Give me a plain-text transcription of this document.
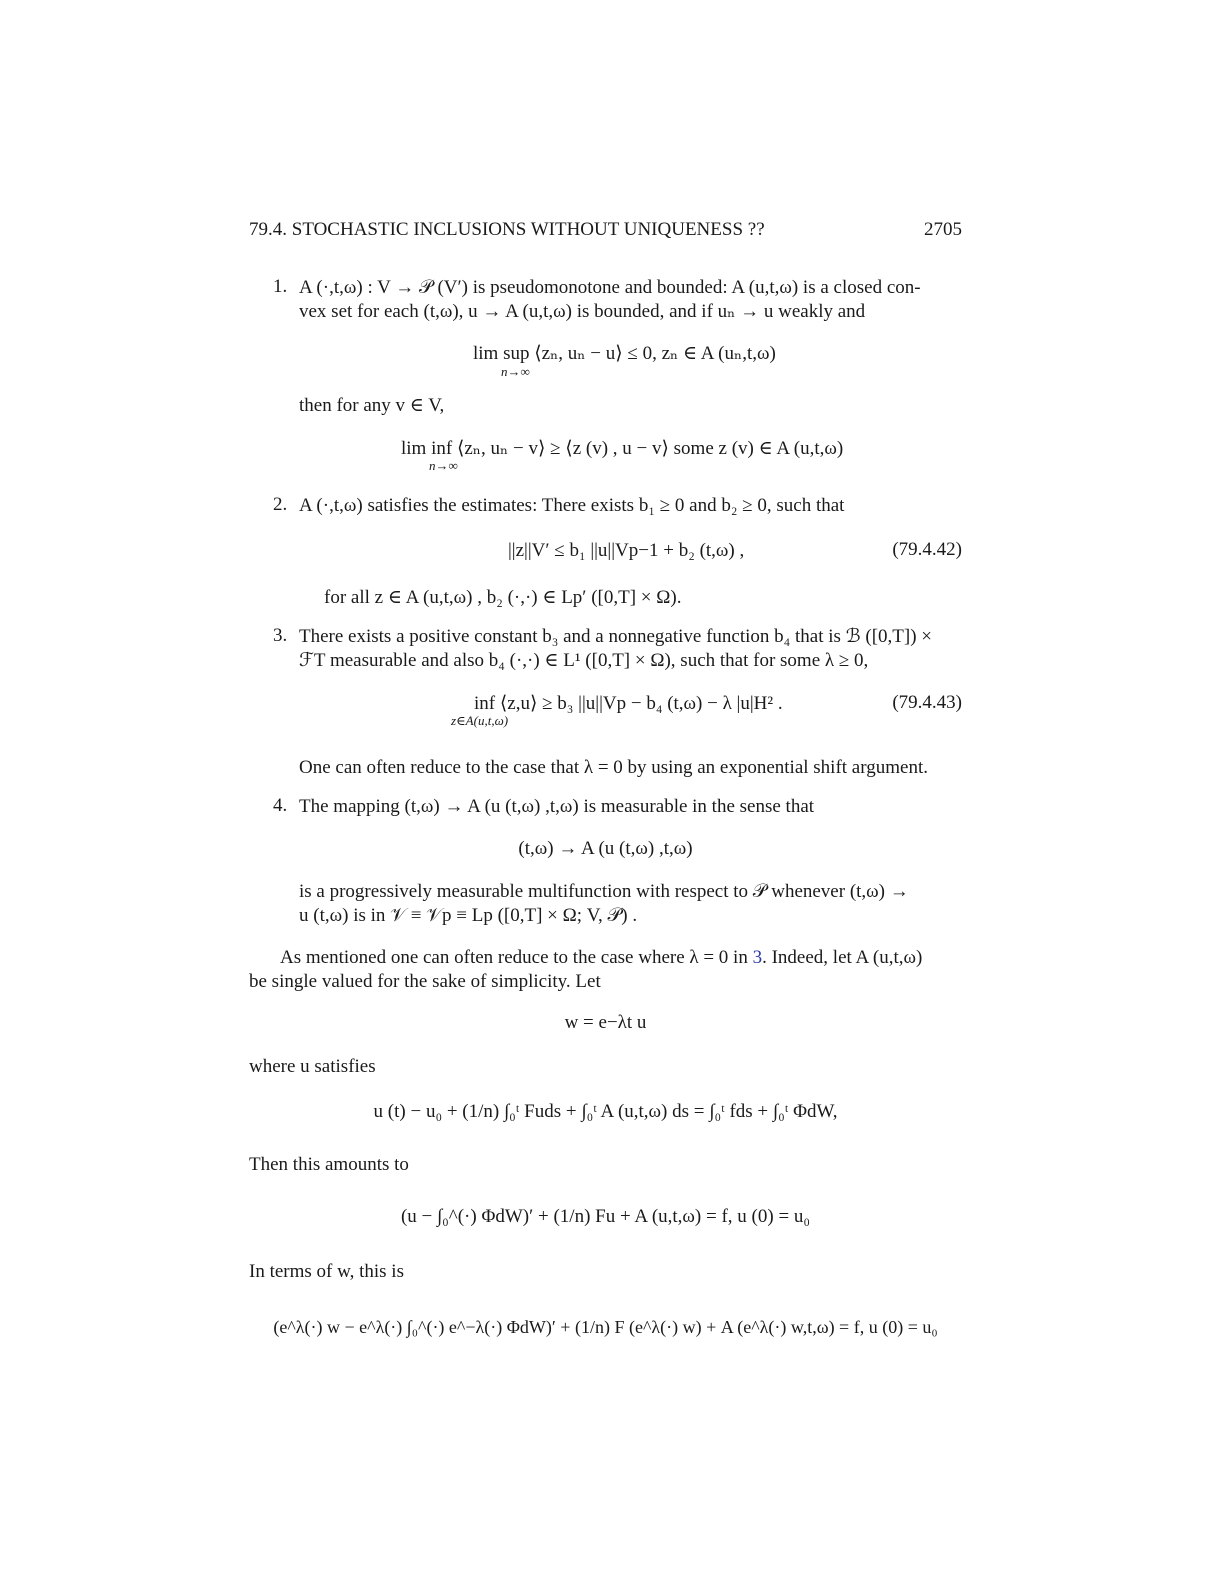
79.4. STOCHASTIC INCLUSIONS WITHOUT UNIQUENESS ??	2705
1. A (·,t,ω) : V → 𝒫 (V′) is pseudomonotone and bounded: A (u,t,ω) is a closed con-
vex set for each (t,ω), u → A (u,t,ω) is bounded, and if uₙ → u weakly and
lim sup ⟨zₙ, uₙ − u⟩ ≤ 0, zₙ ∈ A (uₙ,t,ω)
n→∞
then for any v ∈ V,
lim inf ⟨zₙ, uₙ − v⟩ ≥ ⟨z (v) , u − v⟩ some z (v) ∈ A (u,t,ω)
n→∞
2. A (·,t,ω) satisfies the estimates: There exists b₁ ≥ 0 and b₂ ≥ 0, such that
||z||V′ ≤ b₁ ||u||Vp−1 + b₂ (t,ω) ,	(79.4.42)
for all z ∈ A (u,t,ω) , b₂ (·,·) ∈ Lp′ ([0,T] × Ω).
3. There exists a positive constant b₃ and a nonnegative function b₄ that is ℬ ([0,T]) ×
ℱT measurable and also b₄ (·,·) ∈ L¹ ([0,T] × Ω), such that for some λ ≥ 0,
inf ⟨z,u⟩ ≥ b₃ ||u||Vp − b₄ (t,ω) − λ |u|H² .
z∈A(u,t,ω)
(79.4.43)
One can often reduce to the case that λ = 0 by using an exponential shift argument.
4. The mapping (t,ω) → A (u (t,ω) ,t,ω) is measurable in the sense that
(t,ω) → A (u (t,ω) ,t,ω)
is a progressively measurable multifunction with respect to 𝒫 whenever (t,ω) →
u (t,ω) is in 𝒱 ≡ 𝒱p ≡ Lp ([0,T] × Ω; V, 𝒫) .
As mentioned one can often reduce to the case where λ = 0 in 3. Indeed, let A (u,t,ω)
be single valued for the sake of simplicity. Let
w = e−λt u
where u satisfies
u (t) − u₀ + (1/n) ∫₀ᵗ Fuds + ∫₀ᵗ A (u,t,ω) ds = ∫₀ᵗ fds + ∫₀ᵗ ΦdW,
Then this amounts to
(u − ∫₀^(·) ΦdW)′ + (1/n) Fu + A (u,t,ω) = f, u (0) = u₀
In terms of w, this is
(e^λ(·) w − e^λ(·) ∫₀^(·) e^−λ(·) ΦdW)′ + (1/n) F (e^λ(·) w) + A (e^λ(·) w,t,ω) = f, u (0) = u₀
